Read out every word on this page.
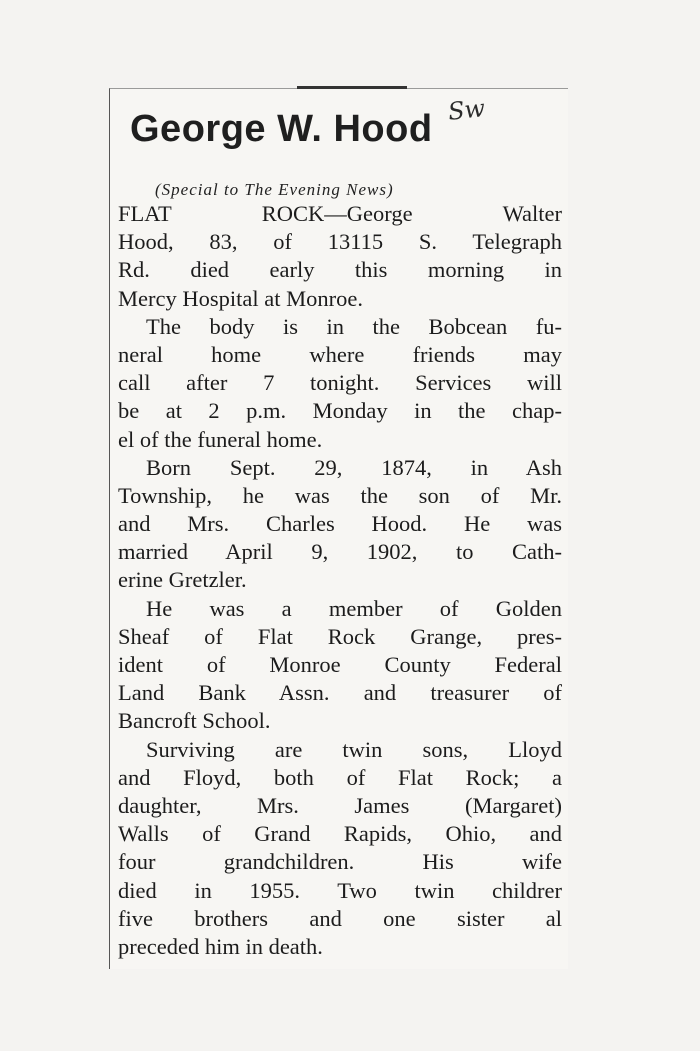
George W. Hood Sw
(Special to The Evening News)
FLAT ROCK—George Walter
Hood, 83, of 13115 S. Telegraph
Rd. died early this morning in
Mercy Hospital at Monroe.
The body is in the Bobcean fu-
neral home where friends may
call after 7 tonight. Services will
be at 2 p.m. Monday in the chap-
el of the funeral home.
Born Sept. 29, 1874, in Ash
Township, he was the son of Mr.
and Mrs. Charles Hood. He was
married April 9, 1902, to Cath-
erine Gretzler.
He was a member of Golden
Sheaf of Flat Rock Grange, pres-
ident of Monroe County Federal
Land Bank Assn. and treasurer of
Bancroft School.
Surviving are twin sons, Lloyd
and Floyd, both of Flat Rock; a
daughter, Mrs. James (Margaret)
Walls of Grand Rapids, Ohio, and
four grandchildren. His wife
died in 1955. Two twin childrer
five brothers and one sister al
preceded him in death.
